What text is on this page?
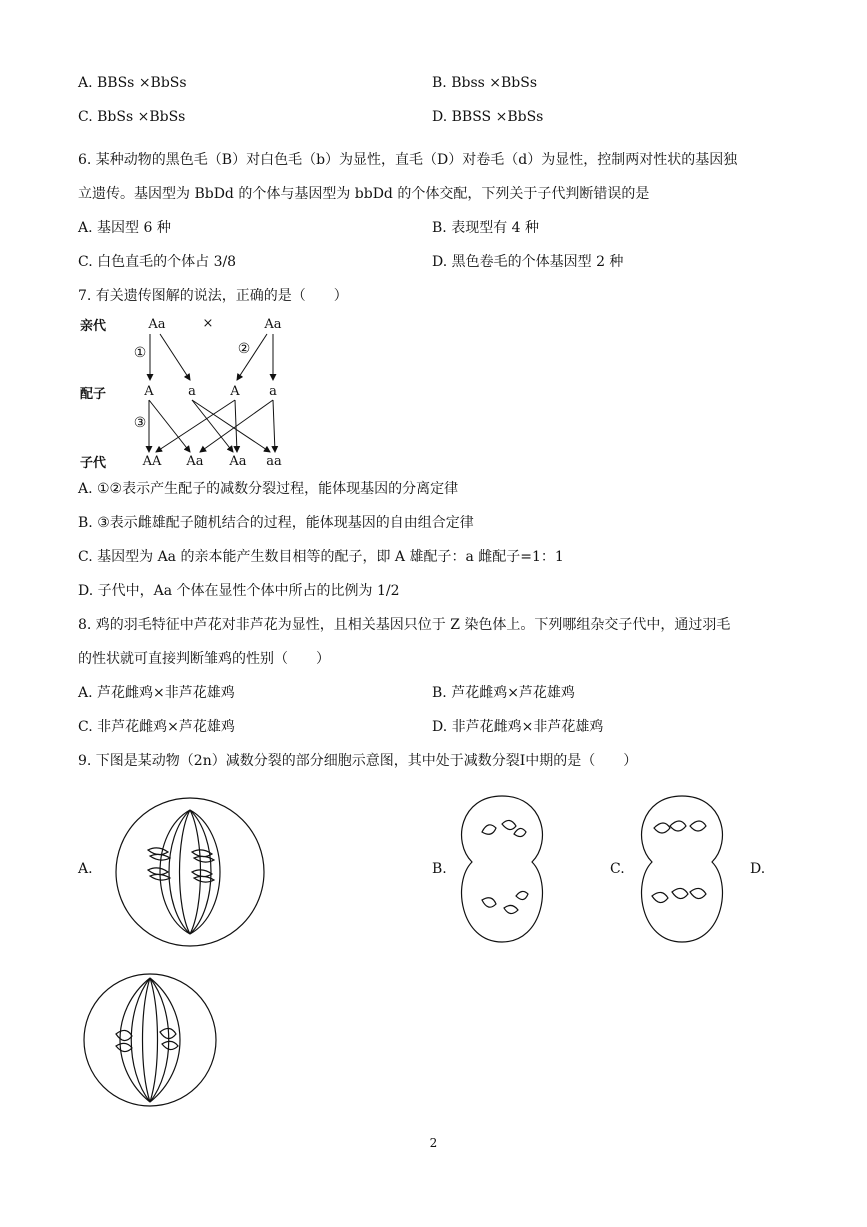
A. BBSs ×BbSs	B. Bbss ×BbSs
C. BbSs ×BbSs	D. BBSS ×BbSs
6. 某种动物的黑色毛（B）对白色毛（b）为显性，直毛（D）对卷毛（d）为显性，控制两对性状的基因独
立遗传。基因型为 BbDd 的个体与基因型为 bbDd 的个体交配，下列关于子代判断错误的是
A. 基因型 6 种	B. 表现型有 4 种
C. 白色直毛的个体占 3/8	D. 黑色卷毛的个体基因型 2 种
7. 有关遗传图解的说法，正确的是（　　）
亲代
配子
子代
Aa	×	Aa
A	a	A a
AA Aa Aa aa
①	②
③
A. ①②表示产生配子的减数分裂过程，能体现基因的分离定律
B. ③表示雌雄配子随机结合的过程，能体现基因的自由组合定律
C. 基因型为 Aa 的亲本能产生数目相等的配子，即 A 雄配子：a 雌配子=1：1
D. 子代中，Aa 个体在显性个体中所占的比例为 1/2
8. 鸡的羽毛特征中芦花对非芦花为显性，且相关基因只位于 Z 染色体上。下列哪组杂交子代中，通过羽毛
的性状就可直接判断雏鸡的性别（　　）
A. 芦花雌鸡×非芦花雄鸡	B. 芦花雌鸡×芦花雄鸡
C. 非芦花雌鸡×芦花雄鸡	D. 非芦花雌鸡×非芦花雄鸡
9. 下图是某动物（2n）减数分裂的部分细胞示意图，其中处于减数分裂Ⅰ中期的是（　　）
A.	B.	C.	D.
2
